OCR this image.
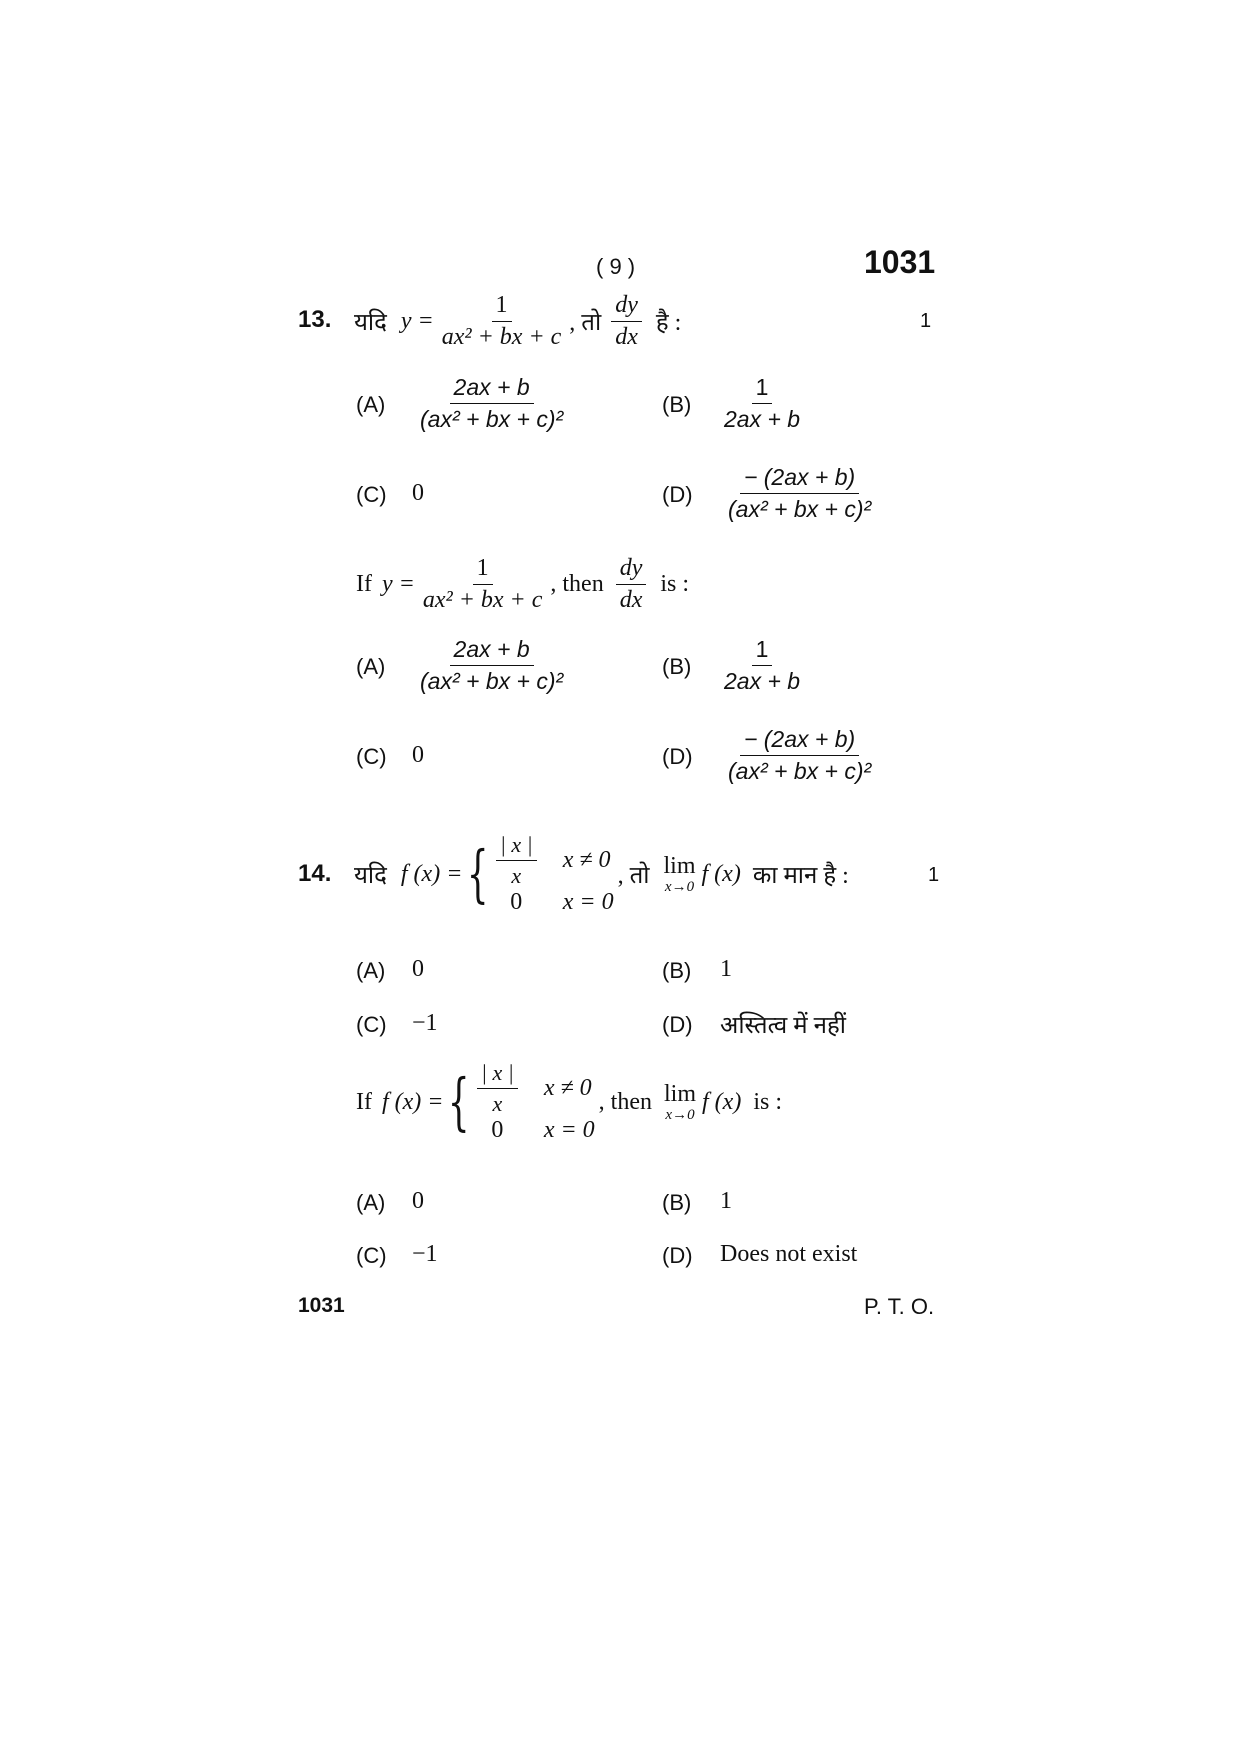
( 9 )	1031
13. यदि $y = \frac{1}{\text{ax² + bx + c}}$ , तो $\frac{dy}{dx}$ है :	1
$(A) \frac{2ax + b}{\text{(ax² + bx + c)²}}$	$(B) \frac{1}{2ax + b}$
(C) 0	$(D) \frac{- (2ax + b)}{\text{(ax² + bx + c)²}}$
If $y = \frac{1}{\text{ax² + bx + c}}$ , then $\frac{dy}{dx}$ is :
$(A) \frac{2ax + b}{\text{(ax² + bx + c)²}}$	$(B) \frac{1}{2ax + b}$
(C) 0	$(D) \frac{- (2ax + b)}{\text{(ax² + bx + c)²}}$
14. यदि f (x) = { $\frac{| x |}{x}$ x ≠ 0
0	x = 0
, तो lim
x→0 f (x) का मान है :	1
(A) 0	(B) 1
(C) −1	(D) अस्तित्व में नहीं
If f (x) = { $\frac{| x |}{x}$ x ≠ 0
0	x = 0
, then lim
x→0 f (x) is :
(A) 0	(B) 1
(C) −1	(D) Does not exist
1031	P. T. O.
